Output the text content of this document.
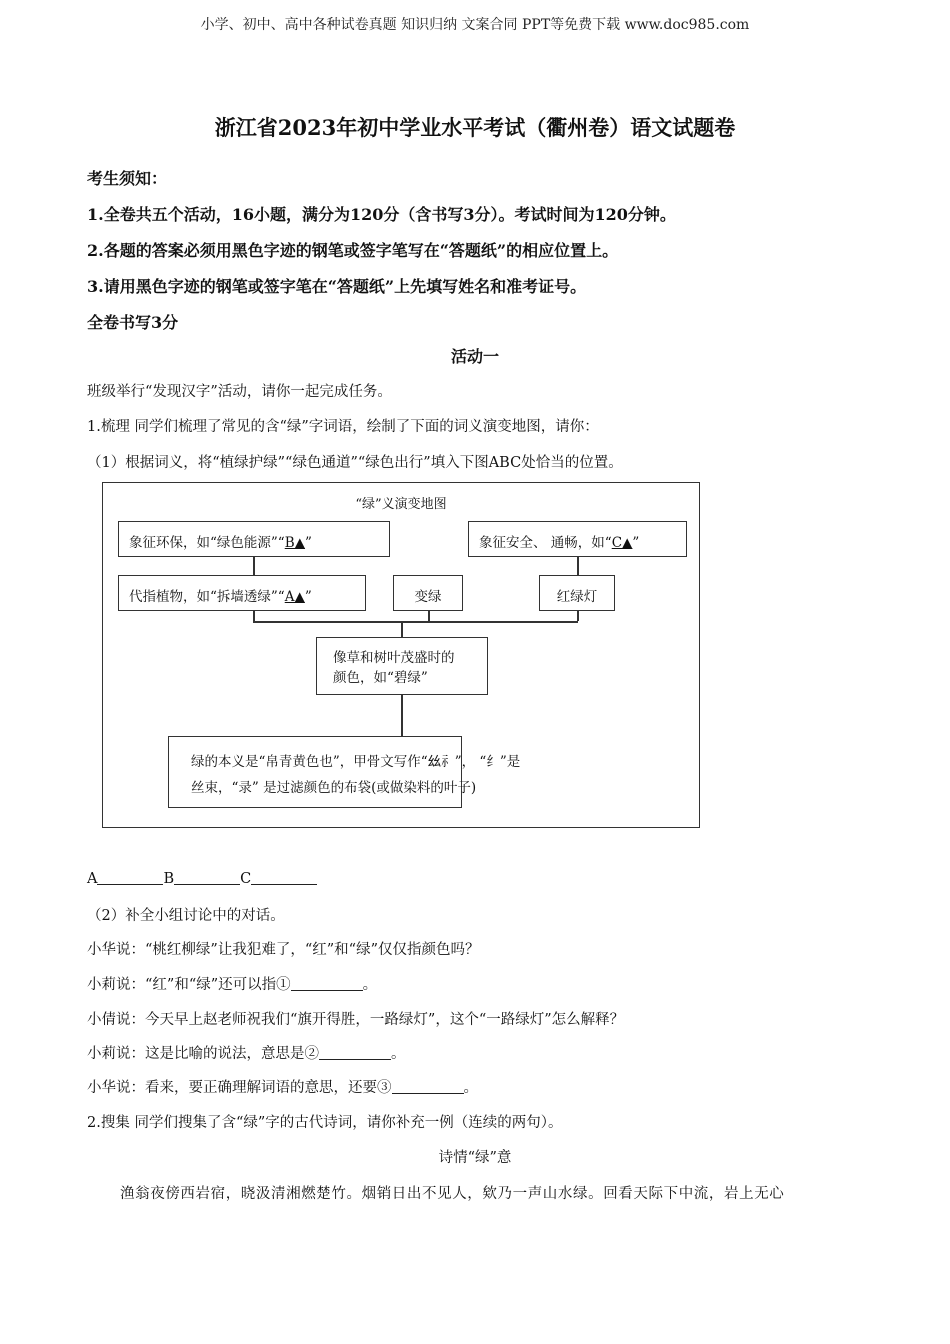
小学、初中、高中各种试卷真题 知识归纳 文案合同 PPT等免费下载 www.doc985.com
浙江省2023年初中学业水平考试（衢州卷）语文试题卷
考生须知：
1.全卷共五个活动，16小题，满分为120分（含书写3分）。考试时间为120分钟。
2.各题的答案必须用黑色字迹的钢笔或签字笔写在“答题纸”的相应位置上。
3.请用黑色字迹的钢笔或签字笔在“答题纸”上先填写姓名和准考证号。
全卷书写3分
活动一
班级举行“发现汉字”活动，请你一起完成任务。
1.梳理 同学们梳理了常见的含“绿”字词语，绘制了下面的词义演变地图，请你：
（1）根据词义，将“植绿护绿”“绿色通道”“绿色出行”填入下图ABC处恰当的位置。
“绿”义演变地图
象征环保，如“绿色能源”“B▲”	象征安全、 通畅，如“C▲”
代指植物，如“拆墙透绿”“A▲”	变绿	红绿灯
像草和树叶茂盛时的
颜色，如“碧绿”
绿的本义是“帛青黄色也”，甲骨文写作“𢆶⺬”， “纟”是
丝束，“录” 是过滤颜色的布袋(或做染料的叶子)
A	B	C
（2）补全小组讨论中的对话。
小华说：“桃红柳绿”让我犯难了，“红”和“绿”仅仅指颜色吗？
小莉说：“红”和“绿”还可以指①	。
小倩说：今天早上赵老师祝我们“旗开得胜，一路绿灯”，这个“一路绿灯”怎么解释？
小莉说：这是比喻的说法，意思是②	。
小华说：看来，要正确理解词语的意思，还要③	。
2.搜集 同学们搜集了含“绿”字的古代诗词，请你补充一例（连续的两句）。
诗情“绿”意
渔翁夜傍西岩宿，晓汲清湘燃楚竹。烟销日出不见人，欸乃一声山水绿。回看天际下中流，岩上无心
